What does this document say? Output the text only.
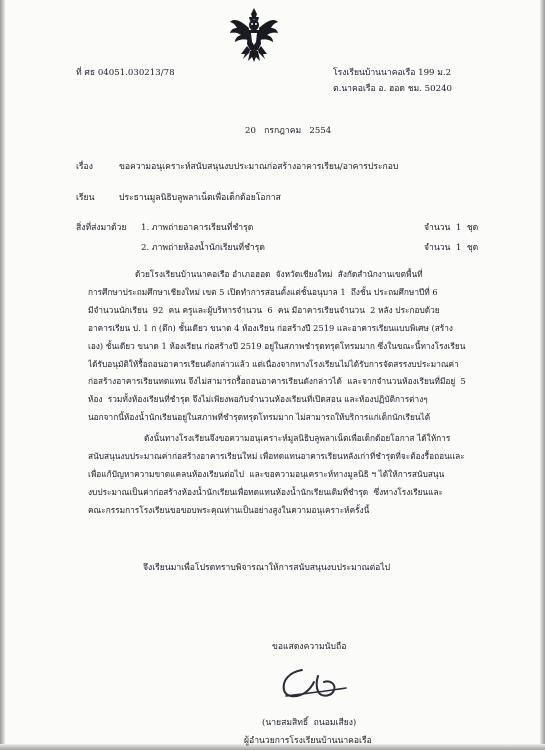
ที่ ศธ 04051.030213/78	โรงเรียนบ้านนาคอเรือ 199 ม.2
ต.นาคอเรือ อ. ฮอด ชม. 50240
20   กรกฎาคม   2554
เรื่อง	ขอความอนุเคราะห์สนับสนุนงบประมาณก่อสร้างอาคารเรียน/อาคารประกอบ
เรียน	ประธานมูลนิธิบลูพลาเน็ตเพื่อเด็กด้อยโอกาส
สิ่งที่ส่งมาด้วย 1. ภาพถ่ายอาคารเรียนที่ชำรุด	จำนวน  1  ชุด
2. ภาพถ่ายห้องน้ำนักเรียนที่ชำรุด	จำนวน  1  ชุด
ด้วยโรงเรียนบ้านนาคอเรือ อำเภอฮอด  จังหวัดเชียงใหม่  สังกัดสำนักงานเขตพื้นที่
การศึกษาประถมศึกษาเชียงใหม่ เขต 5 เปิดทำการสอนตั้งแต่ชั้นอนุบาล 1  ถึงชั้น ประถมศึกษาปีที่ 6
มีจำนวนนักเรียน  92  คน ครูและผู้บริหารจำนวน  6  คน มีอาคารเรียนจำนวน  2 หลัง ประกอบด้วย
อาคารเรียน ป. 1 ก (ตึก) ชั้นเดียว ขนาด 4 ห้องเรียน ก่อสร้างปี 2519 และอาคารเรียนแบบพิเศษ (สร้าง
เอง) ชั้นเดียว ขนาด 1 ห้องเรียน ก่อสร้างปี 2519 อยู่ในสภาพชำรุดทรุดโทรมมาก ซึ่งในขณะนี้ทางโรงเรียน
ได้รับอนุมัติให้รื้อถอนอาคารเรียนดังกล่าวแล้ว แต่เนื่องจากทางโรงเรียนไม่ได้รับการจัดสรรงบประมาณค่า
ก่อสร้างอาคารเรียนทดแทน จึงไม่สามารถรื้อถอนอาคารเรียนดังกล่าวได้  และจากจำนวนห้องเรียนที่มีอยู่  5
ห้อง  รวมทั้งห้องเรียนที่ชำรุด จึงไม่เพียงพอกับจำนวนห้องเรียนที่เปิดสอน และห้องปฏิบัติการต่างๆ
นอกจากนี้ห้องน้ำนักเรียนอยู่ในสภาพที่ชำรุดทรุดโทรมมาก ไม่สามารถให้บริการแก่เด็กนักเรียนได้
ดังนั้นทางโรงเรียนจึงขอความอนุเคราะห์มูลนิธิบลูพลาเน็ตเพื่อเด็กด้อยโอกาส ได้ให้การ
สนับสนุนงบประมาณค่าก่อสร้างอาคารเรียนใหม่ เพื่อทดแทนอาคารเรียนหลังเก่าที่ชำรุดที่จะต้องรื้อถอนและ
เพื่อแก้ปัญหาความขาดแคลนห้องเรียนต่อไป  และขอความอนุเคราะห์ทางมูลนิธิ ฯ ได้ให้การสนับสนุน
งบประมาณเป็นค่าก่อสร้างห้องน้ำนักเรียนเพื่อทดแทนห้องน้ำนักเรียนเดิมที่ชำรุด  ซึ่งทางโรงเรียนและ
คณะกรรมการโรงเรียนขอขอบพระคุณท่านเป็นอย่างสูงในความอนุเคราะห์ครั้งนี้
จึงเรียนมาเพื่อโปรดทราบพิจารณาให้การสนับสนุนงบประมาณต่อไป
ขอแสดงความนับถือ
(นายสมสิทธิ์  ถนอมเสียง)
ผู้อำนวยการโรงเรียนบ้านนาคอเรือ
